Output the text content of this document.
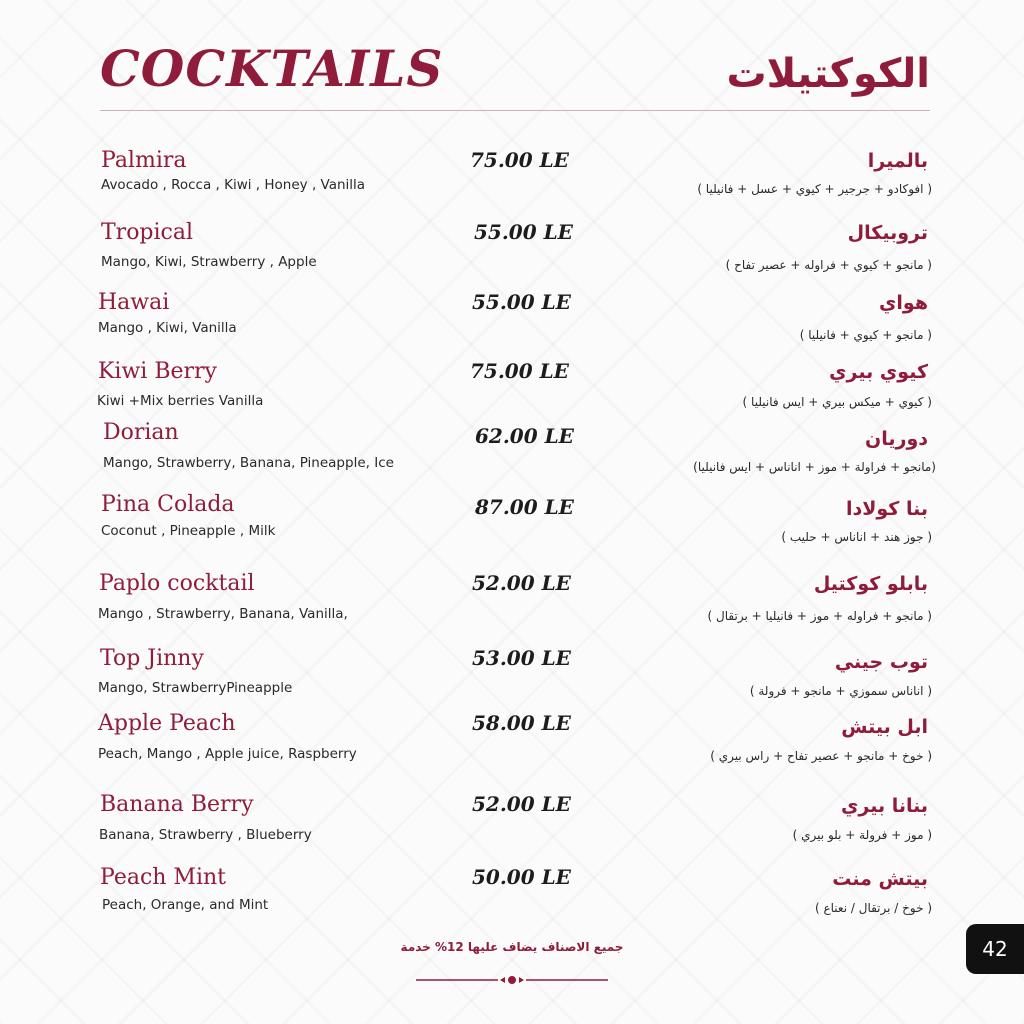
COCKTAILS	الكوكتيلات
Palmira
Avocado , Rocca , Kiwi , Honey , Vanilla
75.00 LE	بالميرا
( افوكادو + جرجير + كيوي + عسل + فانيليا )
Tropical
Mango, Kiwi, Strawberry , Apple
55.00 LE	تروبيكال
( مانجو + كيوي + فراوله + عصير تفاح )
Hawai
Mango , Kiwi, Vanilla
55.00 LE	هواي
( مانجو + كيوي + فانيليا )
Kiwi Berry
Kiwi +Mix berries Vanilla
75.00 LE	كيوي بيري
( كيوي + ميكس بيري + ايس فانيليا )
Dorian
Mango, Strawberry, Banana, Pineapple, Ice
62.00 LE	دوريان
(مانجو + فراولة + موز + اناناس + ايس فانيليا)
Pina Colada
Coconut , Pineapple , Milk
87.00 LE	بنا كولادا
( جوز هند + اناناس + حليب )
Paplo cocktail
Mango , Strawberry, Banana, Vanilla,
52.00 LE	بابلو كوكتيل
( مانجو + فراوله + موز + فانيليا + برتقال )
Top Jinny
Mango, StrawberryPineapple
53.00 LE	توب جيني
( اناناس سموزي + مانجو + فرولة )
Apple Peach
Peach, Mango , Apple juice, Raspberry
58.00 LE	ابل بيتش
( خوخ + مانجو + عصير تفاح + راس بيري )
Banana Berry
Banana, Strawberry , Blueberry
52.00 LE	بنانا بيري
( موز + فرولة + بلو بيري )
Peach Mint
Peach, Orange, and Mint
50.00 LE	بيتش منت
( خوخ / برتقال / نعناع )
جميع الاصناف يضاف عليها 12% خدمة	42
